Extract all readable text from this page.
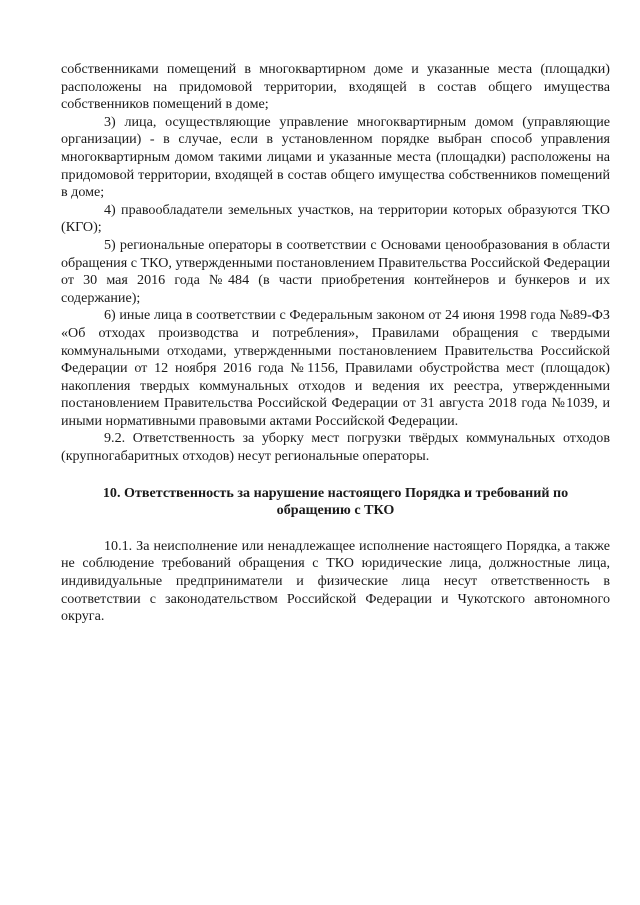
собственниками помещений в многоквартирном доме и указанные места (площадки) расположены на придомовой территории, входящей в состав общего имущества собственников помещений в доме;

3) лица, осуществляющие управление многоквартирным домом (управляющие организации) - в случае, если в установленном порядке выбран способ управления многоквартирным домом такими лицами и указанные места (площадки) расположены на придомовой территории, входящей в состав общего имущества собственников помещений в доме;

4) правообладатели земельных участков, на территории которых образуются ТКО (КГО);

5) региональные операторы в соответствии с Основами ценообразования в области обращения с ТКО, утвержденными постановлением Правительства Российской Федерации от 30 мая 2016 года №484 (в части приобретения контейнеров и бункеров и их содержание);

6) иные лица в соответствии с Федеральным законом от 24 июня 1998 года №89-ФЗ «Об отходах производства и потребления», Правилами обращения с твердыми коммунальными отходами, утвержденными постановлением Правительства Российской Федерации от 12 ноября 2016 года №1156, Правилами обустройства мест (площадок) накопления твердых коммунальных отходов и ведения их реестра, утвержденными постановлением Правительства Российской Федерации от 31 августа 2018 года №1039, и иными нормативными правовыми актами Российской Федерации.

9.2. Ответственность за уборку мест погрузки твёрдых коммунальных отходов (крупногабаритных отходов) несут региональные операторы.

10. Ответственность за нарушение настоящего Порядка и требований по обращению с ТКО

10.1. За неисполнение или ненадлежащее исполнение настоящего Порядка, а также не соблюдение требований обращения с ТКО юридические лица, должностные лица, индивидуальные предприниматели и физические лица несут ответственность в соответствии с законодательством Российской Федерации и Чукотского автономного округа.
